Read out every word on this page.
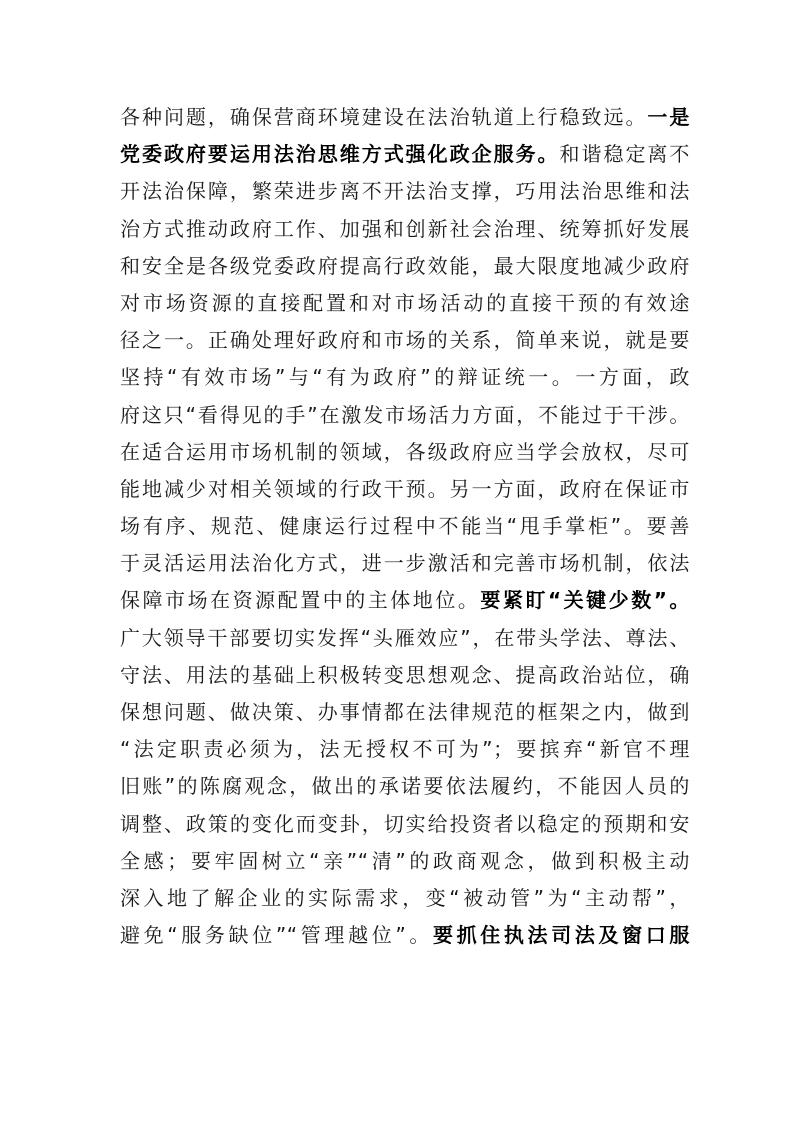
各种问题，确保营商环境建设在法治轨道上行稳致远。一是
党委政府要运用法治思维方式强化政企服务。和谐稳定离不
开法治保障，繁荣进步离不开法治支撑，巧用法治思维和法
治方式推动政府工作、加强和创新社会治理、统筹抓好发展
和安全是各级党委政府提高行政效能，最大限度地减少政府
对市场资源的直接配置和对市场活动的直接干预的有效途
径之一。正确处理好政府和市场的关系，简单来说，就是要
坚持“有效市场”与“有为政府”的辩证统一。一方面，政
府这只“看得见的手”在激发市场活力方面，不能过于干涉。
在适合运用市场机制的领域，各级政府应当学会放权，尽可
能地减少对相关领域的行政干预。另一方面，政府在保证市
场有序、规范、健康运行过程中不能当“甩手掌柜”。要善
于灵活运用法治化方式，进一步激活和完善市场机制，依法
保障市场在资源配置中的主体地位。要紧盯“关键少数”。
广大领导干部要切实发挥“头雁效应”，在带头学法、尊法、
守法、用法的基础上积极转变思想观念、提高政治站位，确
保想问题、做决策、办事情都在法律规范的框架之内，做到
“法定职责必须为，法无授权不可为”；要摈弃“新官不理
旧账”的陈腐观念，做出的承诺要依法履约，不能因人员的
调整、政策的变化而变卦，切实给投资者以稳定的预期和安
全感；要牢固树立“亲”“清”的政商观念，做到积极主动
深入地了解企业的实际需求，变“被动管”为“主动帮”，
避免“服务缺位”“管理越位”。要抓住执法司法及窗口服
